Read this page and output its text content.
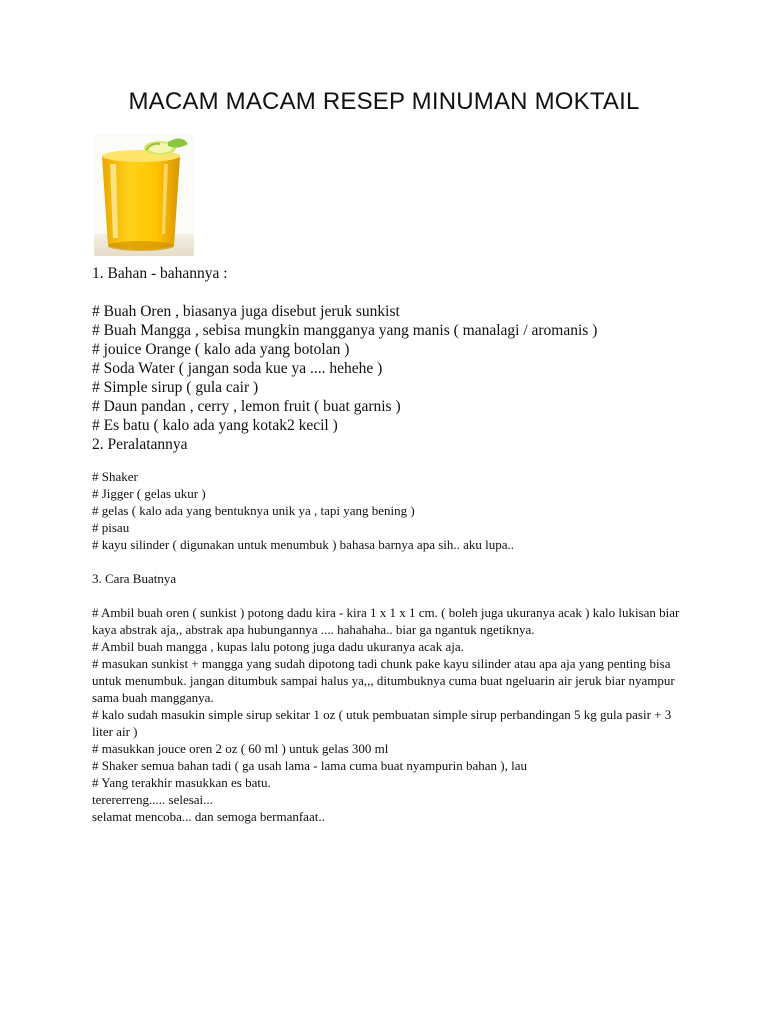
MACAM MACAM RESEP MINUMAN MOKTAIL
1. Bahan - bahannya :
# Buah Oren , biasanya juga disebut jeruk sunkist
# Buah Mangga , sebisa mungkin mangganya yang manis ( manalagi / aromanis )
# jouice Orange ( kalo ada yang botolan )
# Soda Water ( jangan soda kue ya .... hehehe )
# Simple sirup ( gula cair )
# Daun pandan , cerry , lemon fruit ( buat garnis )
# Es batu ( kalo ada yang kotak2 kecil )
2. Peralatannya
# Shaker
# Jigger ( gelas ukur )
# gelas ( kalo ada yang bentuknya unik ya , tapi yang bening )
# pisau
# kayu silinder ( digunakan untuk menumbuk ) bahasa barnya apa sih.. aku lupa..
3. Cara Buatnya
# Ambil buah oren ( sunkist ) potong dadu kira - kira 1 x 1 x 1 cm. ( boleh juga ukuranya acak ) kalo lukisan biar kaya abstrak aja,, abstrak apa hubungannya .... hahahaha.. biar ga ngantuk ngetiknya.
# Ambil buah mangga , kupas lalu potong juga dadu ukuranya acak aja.
# masukan sunkist + mangga yang sudah dipotong tadi chunk pake kayu silinder atau apa aja yang penting bisa untuk menumbuk. jangan ditumbuk sampai halus ya,,, ditumbuknya cuma buat ngeluarin air jeruk biar nyampur sama buah mangganya.
# kalo sudah masukin simple sirup sekitar 1 oz ( utuk pembuatan simple sirup perbandingan 5 kg gula pasir + 3 liter air )
# masukkan jouce oren 2 oz ( 60 ml ) untuk gelas 300 ml
# Shaker semua bahan tadi ( ga usah lama - lama cuma buat nyampurin bahan ), lau
# Yang terakhir masukkan es batu.
terererreng..... selesai...
selamat mencoba... dan semoga bermanfaat..
